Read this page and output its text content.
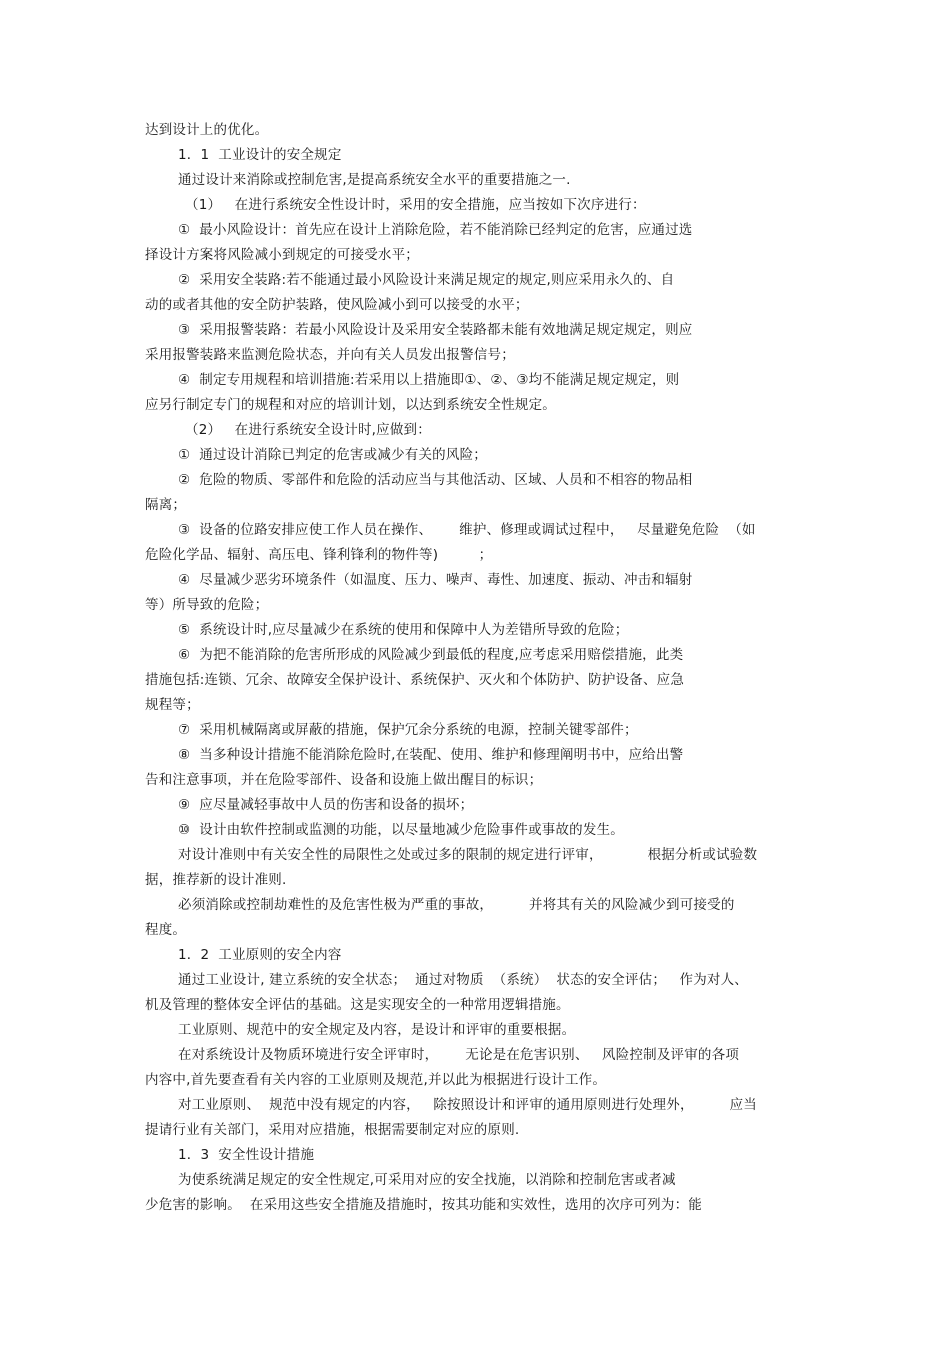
达到设计上的优化。
1．1  工业设计的安全规定
通过设计来消除或控制危害,是提高系统安全水平的重要措施之一.
（1）   在进行系统安全性设计时，采用的安全措施，应当按如下次序进行：
①  最小风险设计：首先应在设计上消除危险，若不能消除已经判定的危害，应通过选
择设计方案将风险减小到规定的可接受水平；
②  采用安全装路:若不能通过最小风险设计来满足规定的规定,则应采用永久的、自
动的或者其他的安全防护装路，使风险减小到可以接受的水平；
③  采用报警装路：若最小风险设计及采用安全装路都未能有效地满足规定规定，则应
采用报警装路来监测危险状态，并向有关人员发出报警信号；
④  制定专用规程和培训措施:若采用以上措施即①、②、③均不能满足规定规定，则
应另行制定专门的规程和对应的培训计划，以达到系统安全性规定。
（2）   在进行系统安全设计时,应做到：
①  通过设计消除已判定的危害或减少有关的风险；
②  危险的物质、零部件和危险的活动应当与其他活动、区域、人员和不相容的物品相
隔离；
③  设备的位路安排应使工作人员在操作、      维护、修理或调试过程中，   尽量避免危险  （如
危险化学品、辐射、高压电、锋利锋利的物件等)         ；
④  尽量减少恶劣环境条件（如温度、压力、噪声、毒性、加速度、振动、冲击和辐射
等）所导致的危险；
⑤  系统设计时,应尽量减少在系统的使用和保障中人为差错所导致的危险；
⑥  为把不能消除的危害所形成的风险减少到最低的程度,应考虑采用赔偿措施，此类
措施包括:连锁、冗余、故障安全保护设计、系统保护、灭火和个体防护、防护设备、应急
规程等；
⑦  采用机械隔离或屏蔽的措施，保护冗余分系统的电源，控制关键零部件；
⑧  当多种设计措施不能消除危险时,在装配、使用、维护和修理阐明书中，应给出警
告和注意事项，并在危险零部件、设备和设施上做出醒目的标识；
⑨  应尽量减轻事故中人员的伤害和设备的损坏；
⑩  设计由软件控制或监测的功能，以尽量地减少危险事件或事故的发生。
对设计准则中有关安全性的局限性之处或过多的限制的规定进行评审，          根据分析或试验数
据，推荐新的设计准则.
必须消除或控制劫难性的及危害性极为严重的事故，        并将其有关的风险减少到可接受的
程度。
1．2  工业原则的安全内容
通过工业设计, 建立系统的安全状态；  通过对物质  （系统）  状态的安全评估；   作为对人、
机及管理的整体安全评估的基础。这是实现安全的一种常用逻辑措施。
工业原则、规范中的安全规定及内容，是设计和评审的重要根据。
在对系统设计及物质环境进行安全评审时，      无论是在危害识别、   风险控制及评审的各项
内容中,首先要查看有关内容的工业原则及规范,并以此为根据进行设计工作。
对工业原则、  规范中没有规定的内容，   除按照设计和评审的通用原则进行处理外，        应当
提请行业有关部门，采用对应措施，根据需要制定对应的原则.
1．3  安全性设计措施
为使系统满足规定的安全性规定,可采用对应的安全找施，以消除和控制危害或者减
少危害的影响。  在采用这些安全措施及措施时，按其功能和实效性，选用的次序可列为：能
